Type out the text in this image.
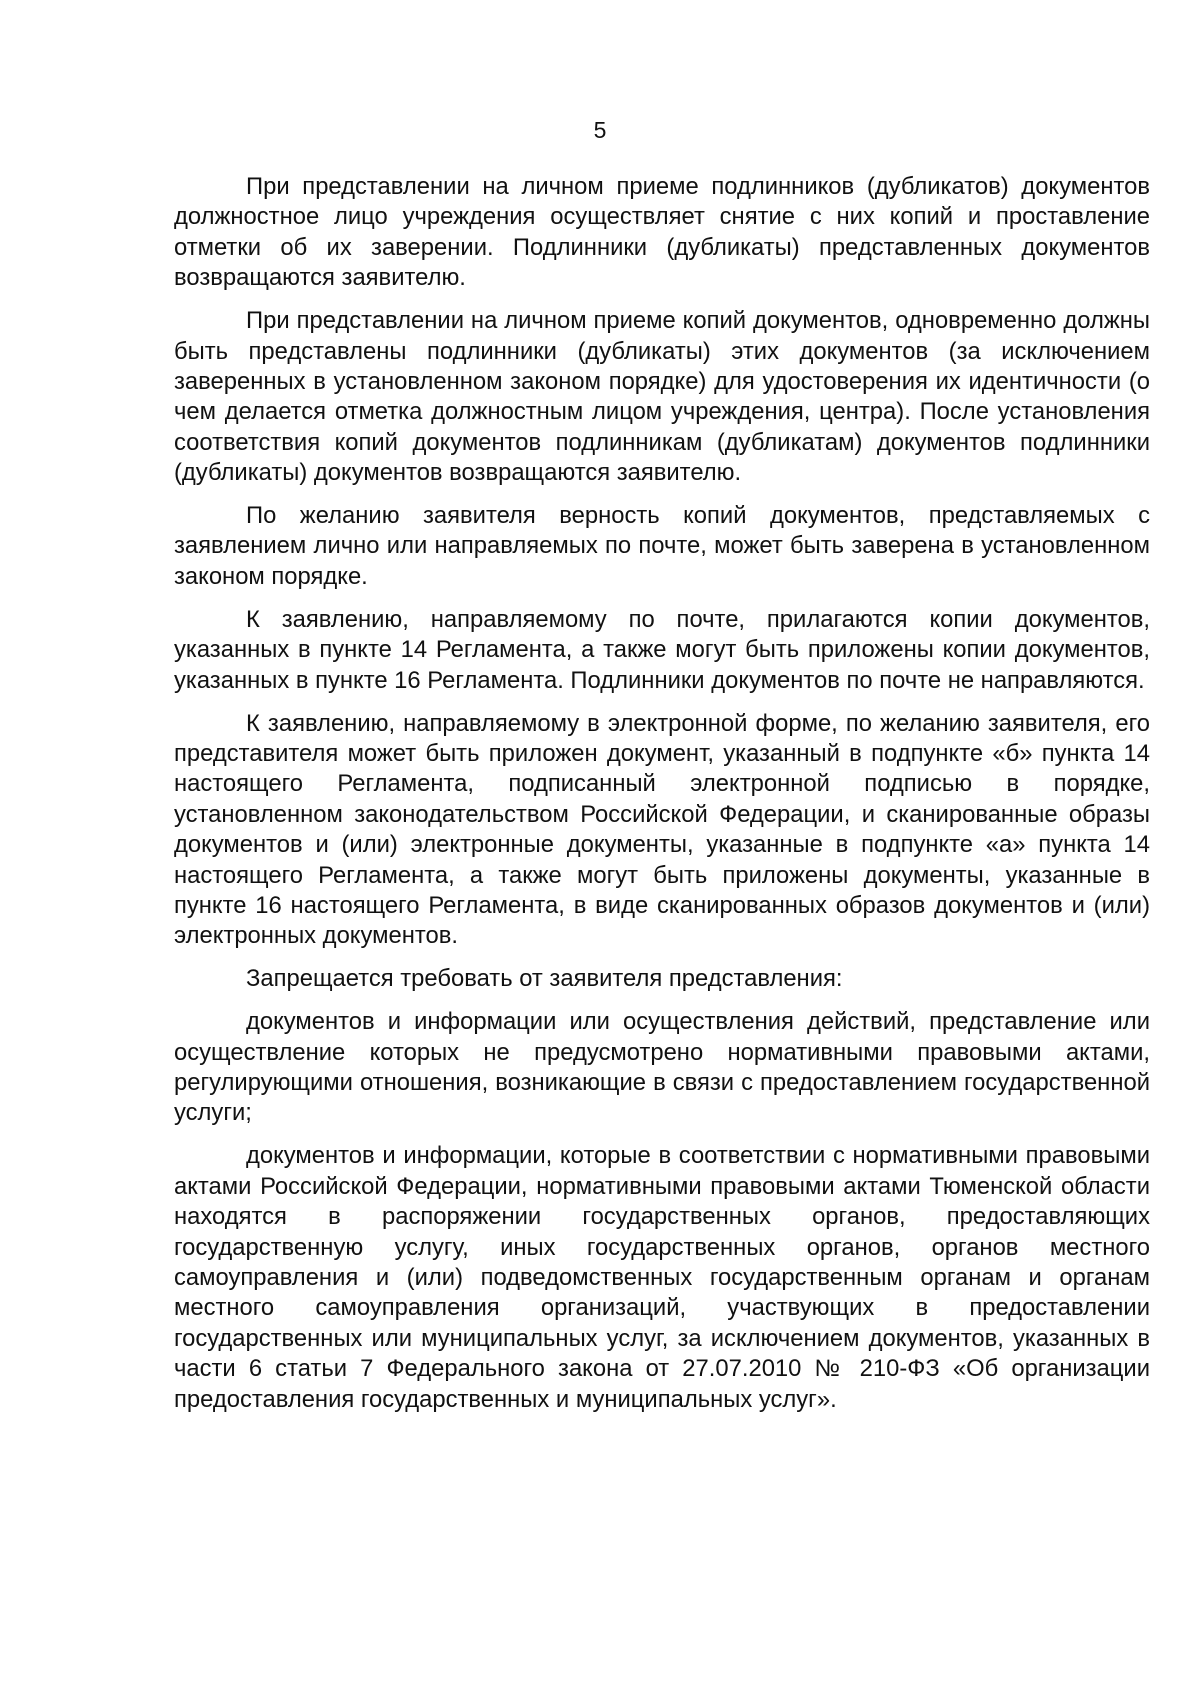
5

При представлении на личном приеме подлинников (дубликатов) документов должностное лицо учреждения осуществляет снятие с них копий и проставление отметки об их заверении. Подлинники (дубликаты) представленных документов возвращаются заявителю.

При представлении на личном приеме копий документов, одновременно должны быть представлены подлинники (дубликаты) этих документов (за исключением заверенных в установленном законом порядке) для удостоверения их идентичности (о чем делается отметка должностным лицом учреждения, центра). После установления соответствия копий документов подлинникам (дубликатам) документов подлинники (дубликаты) документов возвращаются заявителю.

По желанию заявителя верность копий документов, представляемых с заявлением лично или направляемых по почте, может быть заверена в установленном законом порядке.

К заявлению, направляемому по почте, прилагаются копии документов, указанных в пункте 14 Регламента, а также могут быть приложены копии документов, указанных в пункте 16 Регламента. Подлинники документов по почте не направляются.

К заявлению, направляемому в электронной форме, по желанию заявителя, его представителя может быть приложен документ, указанный в подпункте «б» пункта 14 настоящего Регламента, подписанный электронной подписью в порядке, установленном законодательством Российской Федерации, и сканированные образы документов и (или) электронные документы, указанные в подпункте «а» пункта 14 настоящего Регламента, а также могут быть приложены документы, указанные в пункте 16 настоящего Регламента, в виде сканированных образов документов и (или) электронных документов.

Запрещается требовать от заявителя представления:

документов и информации или осуществления действий, представление или осуществление которых не предусмотрено нормативными правовыми актами, регулирующими отношения, возникающие в связи с предоставлением государственной услуги;

документов и информации, которые в соответствии с нормативными правовыми актами Российской Федерации, нормативными правовыми актами Тюменской области находятся в распоряжении государственных органов, предоставляющих государственную услугу, иных государственных органов, органов местного самоуправления и (или) подведомственных государственным органам и органам местного самоуправления организаций, участвующих в предоставлении государственных или муниципальных услуг, за исключением документов, указанных в части 6 статьи 7 Федерального закона от 27.07.2010 № 210-ФЗ «Об организации предоставления государственных и муниципальных услуг».
